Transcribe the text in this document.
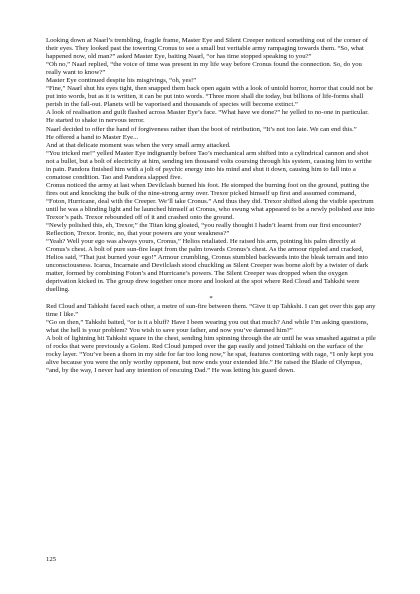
Looking down at Naarl’s trembling, fragile frame, Master Eye and Silent Creeper noticed something out of the corner of their eyes. They looked past the towering Cronus to see a small but veritable army rampaging towards them. “So, what happened now, old man?” asked Master Eye, baiting Naarl, “or has time stopped speaking to you?”

“Oh no,” Naarl replied, “the voice of time was present in my life way before Cronus found the connection. So, do you really want to know?”

Master Eye continued despite his misgivings, “oh, yes!”

“Fine,” Naarl shut his eyes tight, then snapped them back open again with a look of untold horror, horror that could not be put into words, but as it is written, it can be put into words. “Three more shall die today, but billions of life-forms shall perish in the fall-out. Planets will be vaporised and thousands of species will become extinct.”

A look of realisation and guilt flashed across Master Eye’s face. “What have we done?” he yelled to no-one in particular. He started to shake in nervous terror.

Naarl decided to offer the hand of forgiveness rather than the boot of retribution, “It’s not too late. We can end this.”

He offered a hand to Master Eye...

And at that delicate moment was when the very small army attacked.

“You tricked me!” yelled Master Eye indignantly before Tao’s mechanical arm shifted into a cylindrical cannon and shot not a bullet, but a bolt of electricity at him, sending ten thousand volts coursing through his system, causing him to writhe in pain. Pandora finished him with a jolt of psychic energy into his mind and shut it down, causing him to fall into a comatose condition. Tao and Pandora slapped five.

Cronus noticed the army at last when Devilclash burned his foot. He stomped the burning foot on the ground, putting the fires out and knocking the bulk of the nine-strong army over. Trexor picked himself up first and assumed command, “Foton, Hurricane, deal with the Creeper. We’ll take Cronus.” And thus they did. Trexor shifted along the visible spectrum until he was a blinding light and he launched himself at Cronus, who swung what appeared to be a newly polished axe into Trexor’s path. Trexor rebounded off of it and crashed onto the ground.

“Newly polished this, eh, Trexor,” the Titan king gloated, “you really thought I hadn’t learnt from our first encounter? Reflection, Trexor. Ironic, no, that your powers are your weakness?”

“Yeah? Well your ego was always yours, Cronus,” Helios retaliated. He raised his arm, pointing his palm directly at Cronus’s chest. A bolt of pure sun-fire leapt from the palm towards Cronus’s chest. As the armour rippled and cracked, Helios said, “That just burned your ego!” Armour crumbling, Cronus stumbled backwards into the bleak terrain and into unconsciousness. Icarus, Incarnate and Devilclash stood chuckling as Silent Creeper was borne aloft by a twister of dark matter, formed by combining Foton’s and Hurricane’s powers. The Silent Creeper was dropped when the oxygen deprivation kicked in. The group drew together once more and looked at the spot where Red Cloud and Tahkshi were duelling.

*

Red Cloud and Tahkshi faced each other, a metre of sun-fire between them. “Give it up Tahkshi. I can get over this gap any time I like.”

“Go on then,” Tahkshi baited, “or is it a bluff? Have I been wearing you out that much? And while I’m asking questions, what the hell is your problem? You wish to save your father, and now you’ve damned him?”

A bolt of lightning hit Tahkshi square in the chest, sending him spinning through the air until he was smashed against a pile of rocks that were previously a Golem. Red Cloud jumped over the gap easily and joined Tahkshi on the surface of the rocky layer. “You’ve been a thorn in my side for far too long now,” he spat, features contorting with rage, “I only kept you alive because you were the only worthy opponent, but now ends your extended life.” He raised the Blade of Olympus, “and, by the way, I never had any intention of rescuing Dad.” He was letting his guard down.

125
